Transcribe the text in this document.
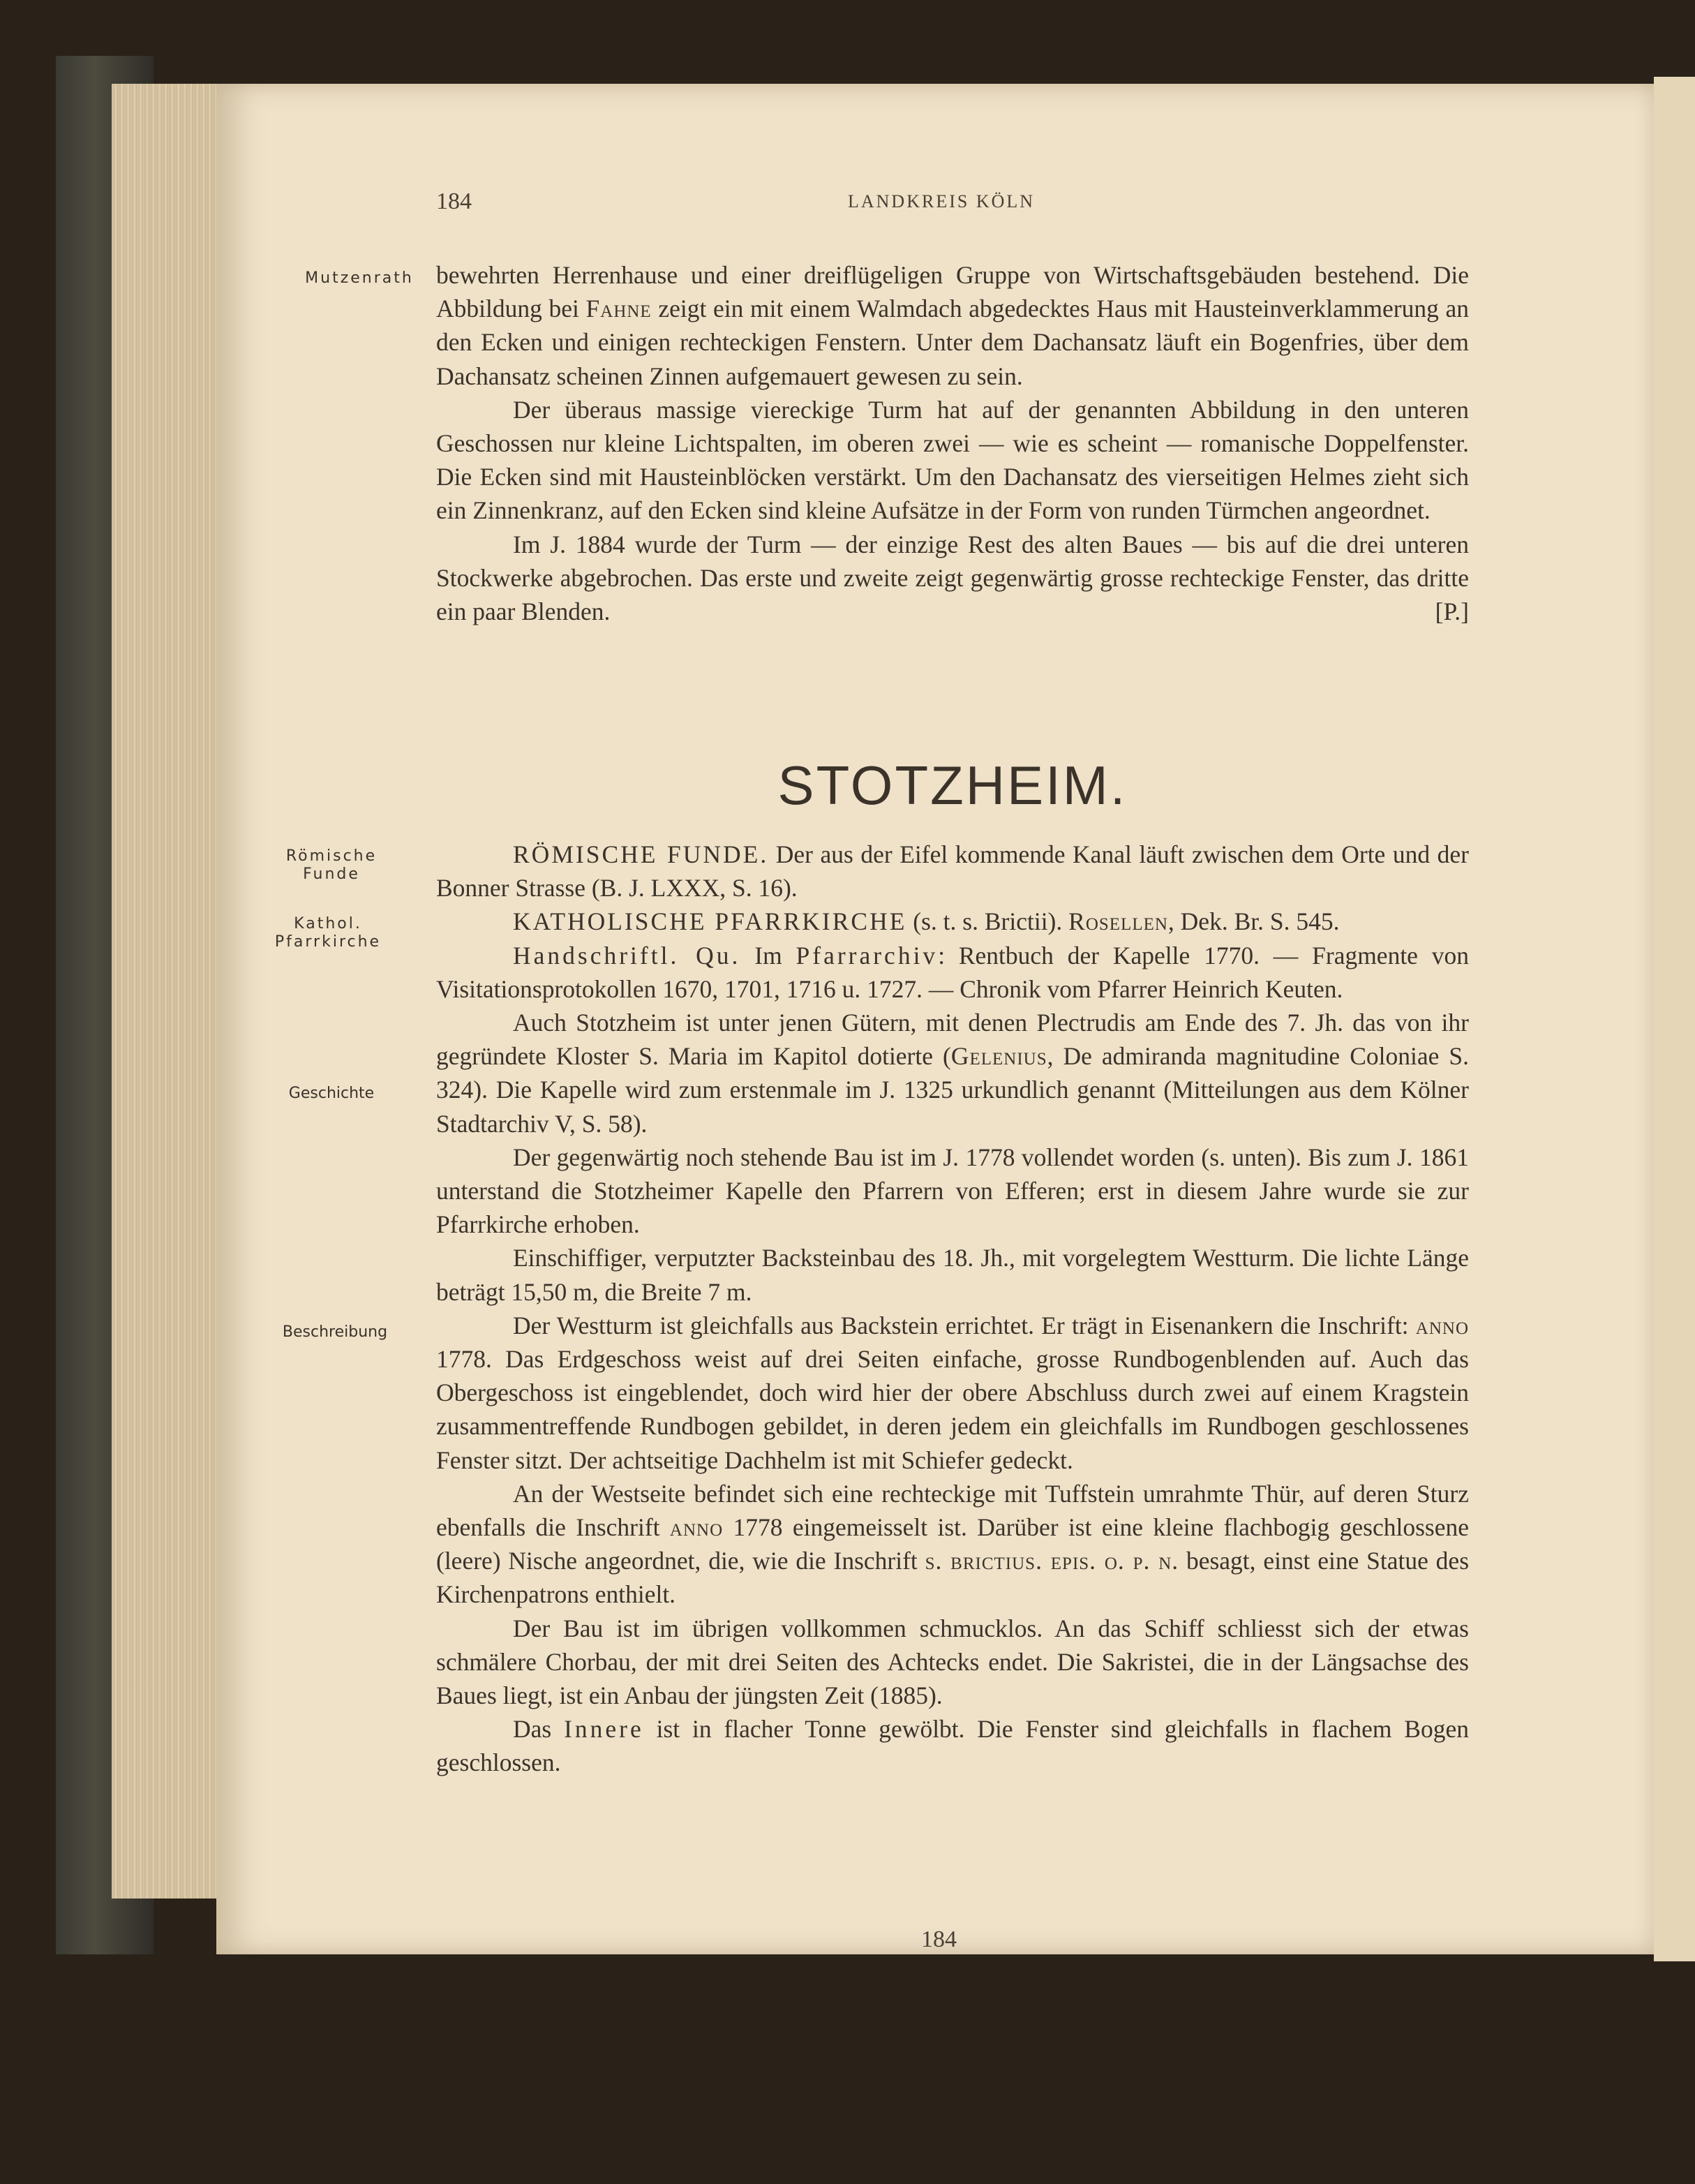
184	LANDKREIS KÖLN
Mutzenrath
Römische Funde
Kathol. Pfarrkirche
Geschichte
Beschreibung

bewehrten Herrenhause und einer dreiflügeligen Gruppe von Wirtschaftsgebäuden bestehend. Die Abbildung bei Fahne zeigt ein mit einem Walmdach abgedecktes Haus mit Hausteinverklammerung an den Ecken und einigen rechteckigen Fenstern. Unter dem Dachansatz läuft ein Bogenfries, über dem Dachansatz scheinen Zinnen aufgemauert gewesen zu sein.

Der überaus massige viereckige Turm hat auf der genannten Abbildung in den unteren Geschossen nur kleine Lichtspalten, im oberen zwei — wie es scheint — romanische Doppelfenster. Die Ecken sind mit Hausteinblöcken verstärkt. Um den Dachansatz des vierseitigen Helmes zieht sich ein Zinnenkranz, auf den Ecken sind kleine Aufsätze in der Form von runden Türmchen angeordnet.

Im J. 1884 wurde der Turm — der einzige Rest des alten Baues — bis auf die drei unteren Stockwerke abgebrochen. Das erste und zweite zeigt gegenwärtig grosse rechteckige Fenster, das dritte ein paar Blenden.	[P.]

STOTZHEIM.

RÖMISCHE FUNDE. Der aus der Eifel kommende Kanal läuft zwischen dem Orte und der Bonner Strasse (B. J. LXXX, S. 16).

KATHOLISCHE PFARRKIRCHE (s. t. s. Brictii). Rosellen, Dek. Br. S. 545.

Handschriftl. Qu. Im Pfarrarchiv: Rentbuch der Kapelle 1770. — Fragmente von Visitationsprotokollen 1670, 1701, 1716 u. 1727. — Chronik vom Pfarrer Heinrich Keuten.

Auch Stotzheim ist unter jenen Gütern, mit denen Plectrudis am Ende des 7. Jh. das von ihr gegründete Kloster S. Maria im Kapitol dotierte (Gelenius, De admiranda magnitudine Coloniae S. 324). Die Kapelle wird zum erstenmale im J. 1325 urkundlich genannt (Mitteilungen aus dem Kölner Stadtarchiv V, S. 58).

Der gegenwärtig noch stehende Bau ist im J. 1778 vollendet worden (s. unten). Bis zum J. 1861 unterstand die Stotzheimer Kapelle den Pfarrern von Efferen; erst in diesem Jahre wurde sie zur Pfarrkirche erhoben.

Einschiffiger, verputzter Backsteinbau des 18. Jh., mit vorgelegtem Westturm. Die lichte Länge beträgt 15,50 m, die Breite 7 m.

Der Westturm ist gleichfalls aus Backstein errichtet. Er trägt in Eisenankern die Inschrift: anno 1778. Das Erdgeschoss weist auf drei Seiten einfache, grosse Rundbogenblenden auf. Auch das Obergeschoss ist eingeblendet, doch wird hier der obere Abschluss durch zwei auf einem Kragstein zusammentreffende Rundbogen gebildet, in deren jedem ein gleichfalls im Rundbogen geschlossenes Fenster sitzt. Der achtseitige Dachhelm ist mit Schiefer gedeckt.

An der Westseite befindet sich eine rechteckige mit Tuffstein umrahmte Thür, auf deren Sturz ebenfalls die Inschrift anno 1778 eingemeisselt ist. Darüber ist eine kleine flachbogig geschlossene (leere) Nische angeordnet, die, wie die Inschrift s. brictius. epis. o. p. n. besagt, einst eine Statue des Kirchenpatrons enthielt.

Der Bau ist im übrigen vollkommen schmucklos. An das Schiff schliesst sich der etwas schmälere Chorbau, der mit drei Seiten des Achtecks endet. Die Sakristei, die in der Längsachse des Baues liegt, ist ein Anbau der jüngsten Zeit (1885).

Das Innere ist in flacher Tonne gewölbt. Die Fenster sind gleichfalls in flachem Bogen geschlossen.

184
